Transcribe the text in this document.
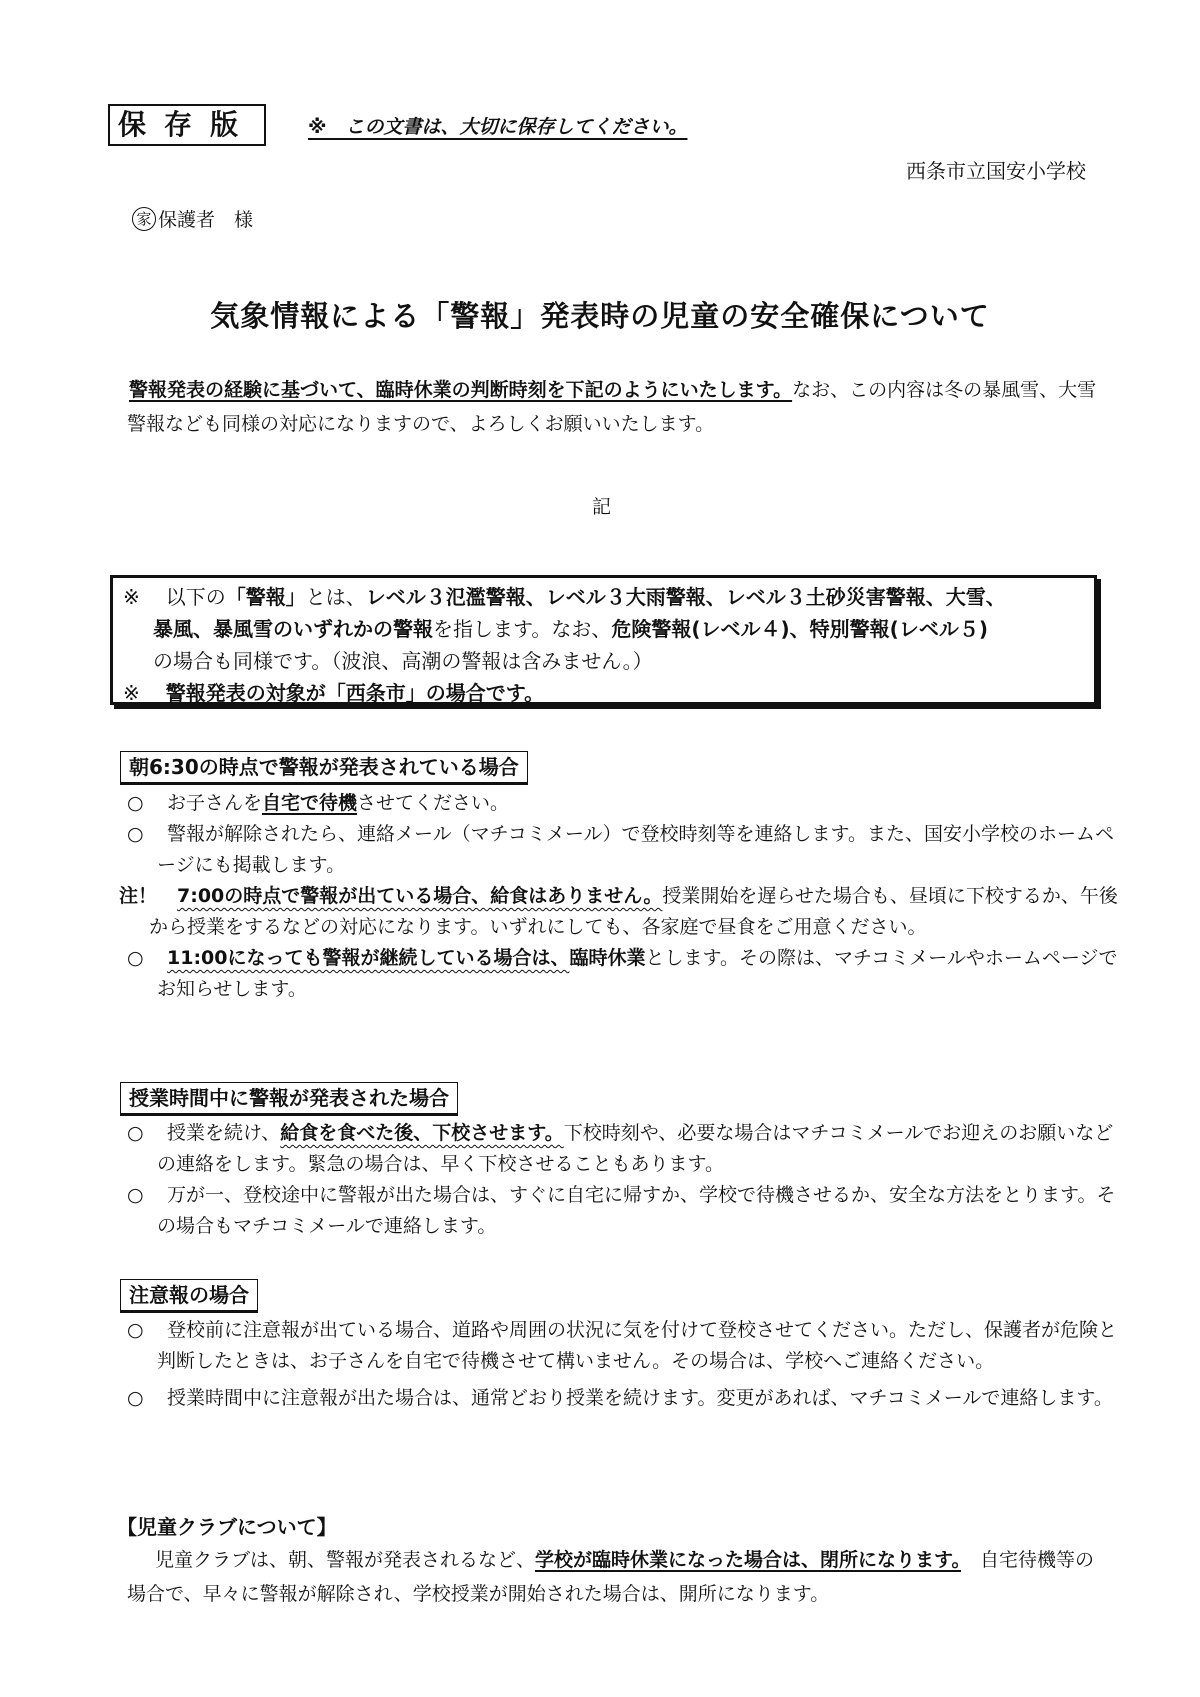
保存版	※　この文書は、大切に保存してください。
西条市立国安小学校
家 保護者　様
気象情報による「警報」発表時の児童の安全確保について
警報発表の経験に基づいて、臨時休業の判断時刻を下記のようにいたします。なお、この内容は冬の暴風雪、大雪警報なども同様の対応になりますので、よろしくお願いいたします。
記
※ 以下の「警報」とは、レベル３氾濫警報、レベル３大雨警報、レベル３土砂災害警報、大雪、
暴風、暴風雪のいずれかの警報を指します。なお、危険警報(レベル４)、特別警報(レベル５)
の場合も同様です。（波浪、高潮の警報は含みません。）
※ 警報発表の対象が「西条市」の場合です。
朝6:30の時点で警報が発表されている場合
○ お子さんを自宅で待機させてください。
○ 警報が解除されたら、連絡メール（マチコミメール）で登校時刻等を連絡します。また、国安小学校のホームページにも掲載します。
注！ 7:00の時点で警報が出ている場合、給食はありません。授業開始を遅らせた場合も、昼頃に下校するか、午後から授業をするなどの対応になります。いずれにしても、各家庭で昼食をご用意ください。
○ 11:00になっても警報が継続している場合は、臨時休業とします。その際は、マチコミメールやホームページでお知らせします。
授業時間中に警報が発表された場合
○ 授業を続け、給食を食べた後、下校させます。下校時刻や、必要な場合はマチコミメールでお迎えのお願いなどの連絡をします。緊急の場合は、早く下校させることもあります。
○ 万が一、登校途中に警報が出た場合は、すぐに自宅に帰すか、学校で待機させるか、安全な方法をとります。その場合もマチコミメールで連絡します。
注意報の場合
○ 登校前に注意報が出ている場合、道路や周囲の状況に気を付けて登校させてください。ただし、保護者が危険と判断したときは、お子さんを自宅で待機させて構いません。その場合は、学校へご連絡ください。
○ 授業時間中に注意報が出た場合は、通常どおり授業を続けます。変更があれば、マチコミメールで連絡します。
【児童クラブについて】
児童クラブは、朝、警報が発表されるなど、学校が臨時休業になった場合は、閉所になります。　自宅待機等の場合で、早々に警報が解除され、学校授業が開始された場合は、開所になります。
